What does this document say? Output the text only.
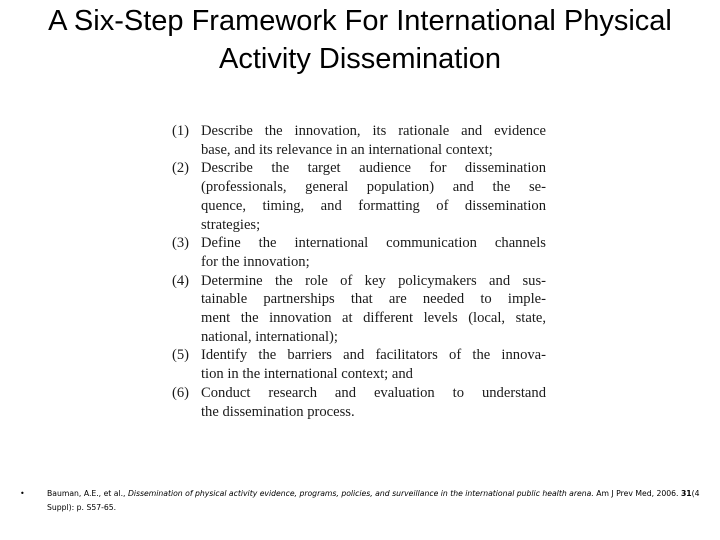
A Six-Step Framework For International Physical Activity Dissemination
(1) Describe the innovation, its rationale and evidence
base, and its relevance in an international context;
(2) Describe the target audience for dissemination
(professionals, general population) and the se-
quence, timing, and formatting of dissemination
strategies;
(3) Define the international communication channels
for the innovation;
(4) Determine the role of key policymakers and sus-
tainable partnerships that are needed to imple-
ment the innovation at different levels (local, state,
national, international);
(5) Identify the barriers and facilitators of the innova-
tion in the international context; and
(6) Conduct research and evaluation to understand
the dissemination process.
•	Bauman, A.E., et al., Dissemination of physical activity evidence, programs, policies, and surveillance in the international public health arena. Am J Prev Med, 2006. 31(4 Suppl): p. S57-65.
